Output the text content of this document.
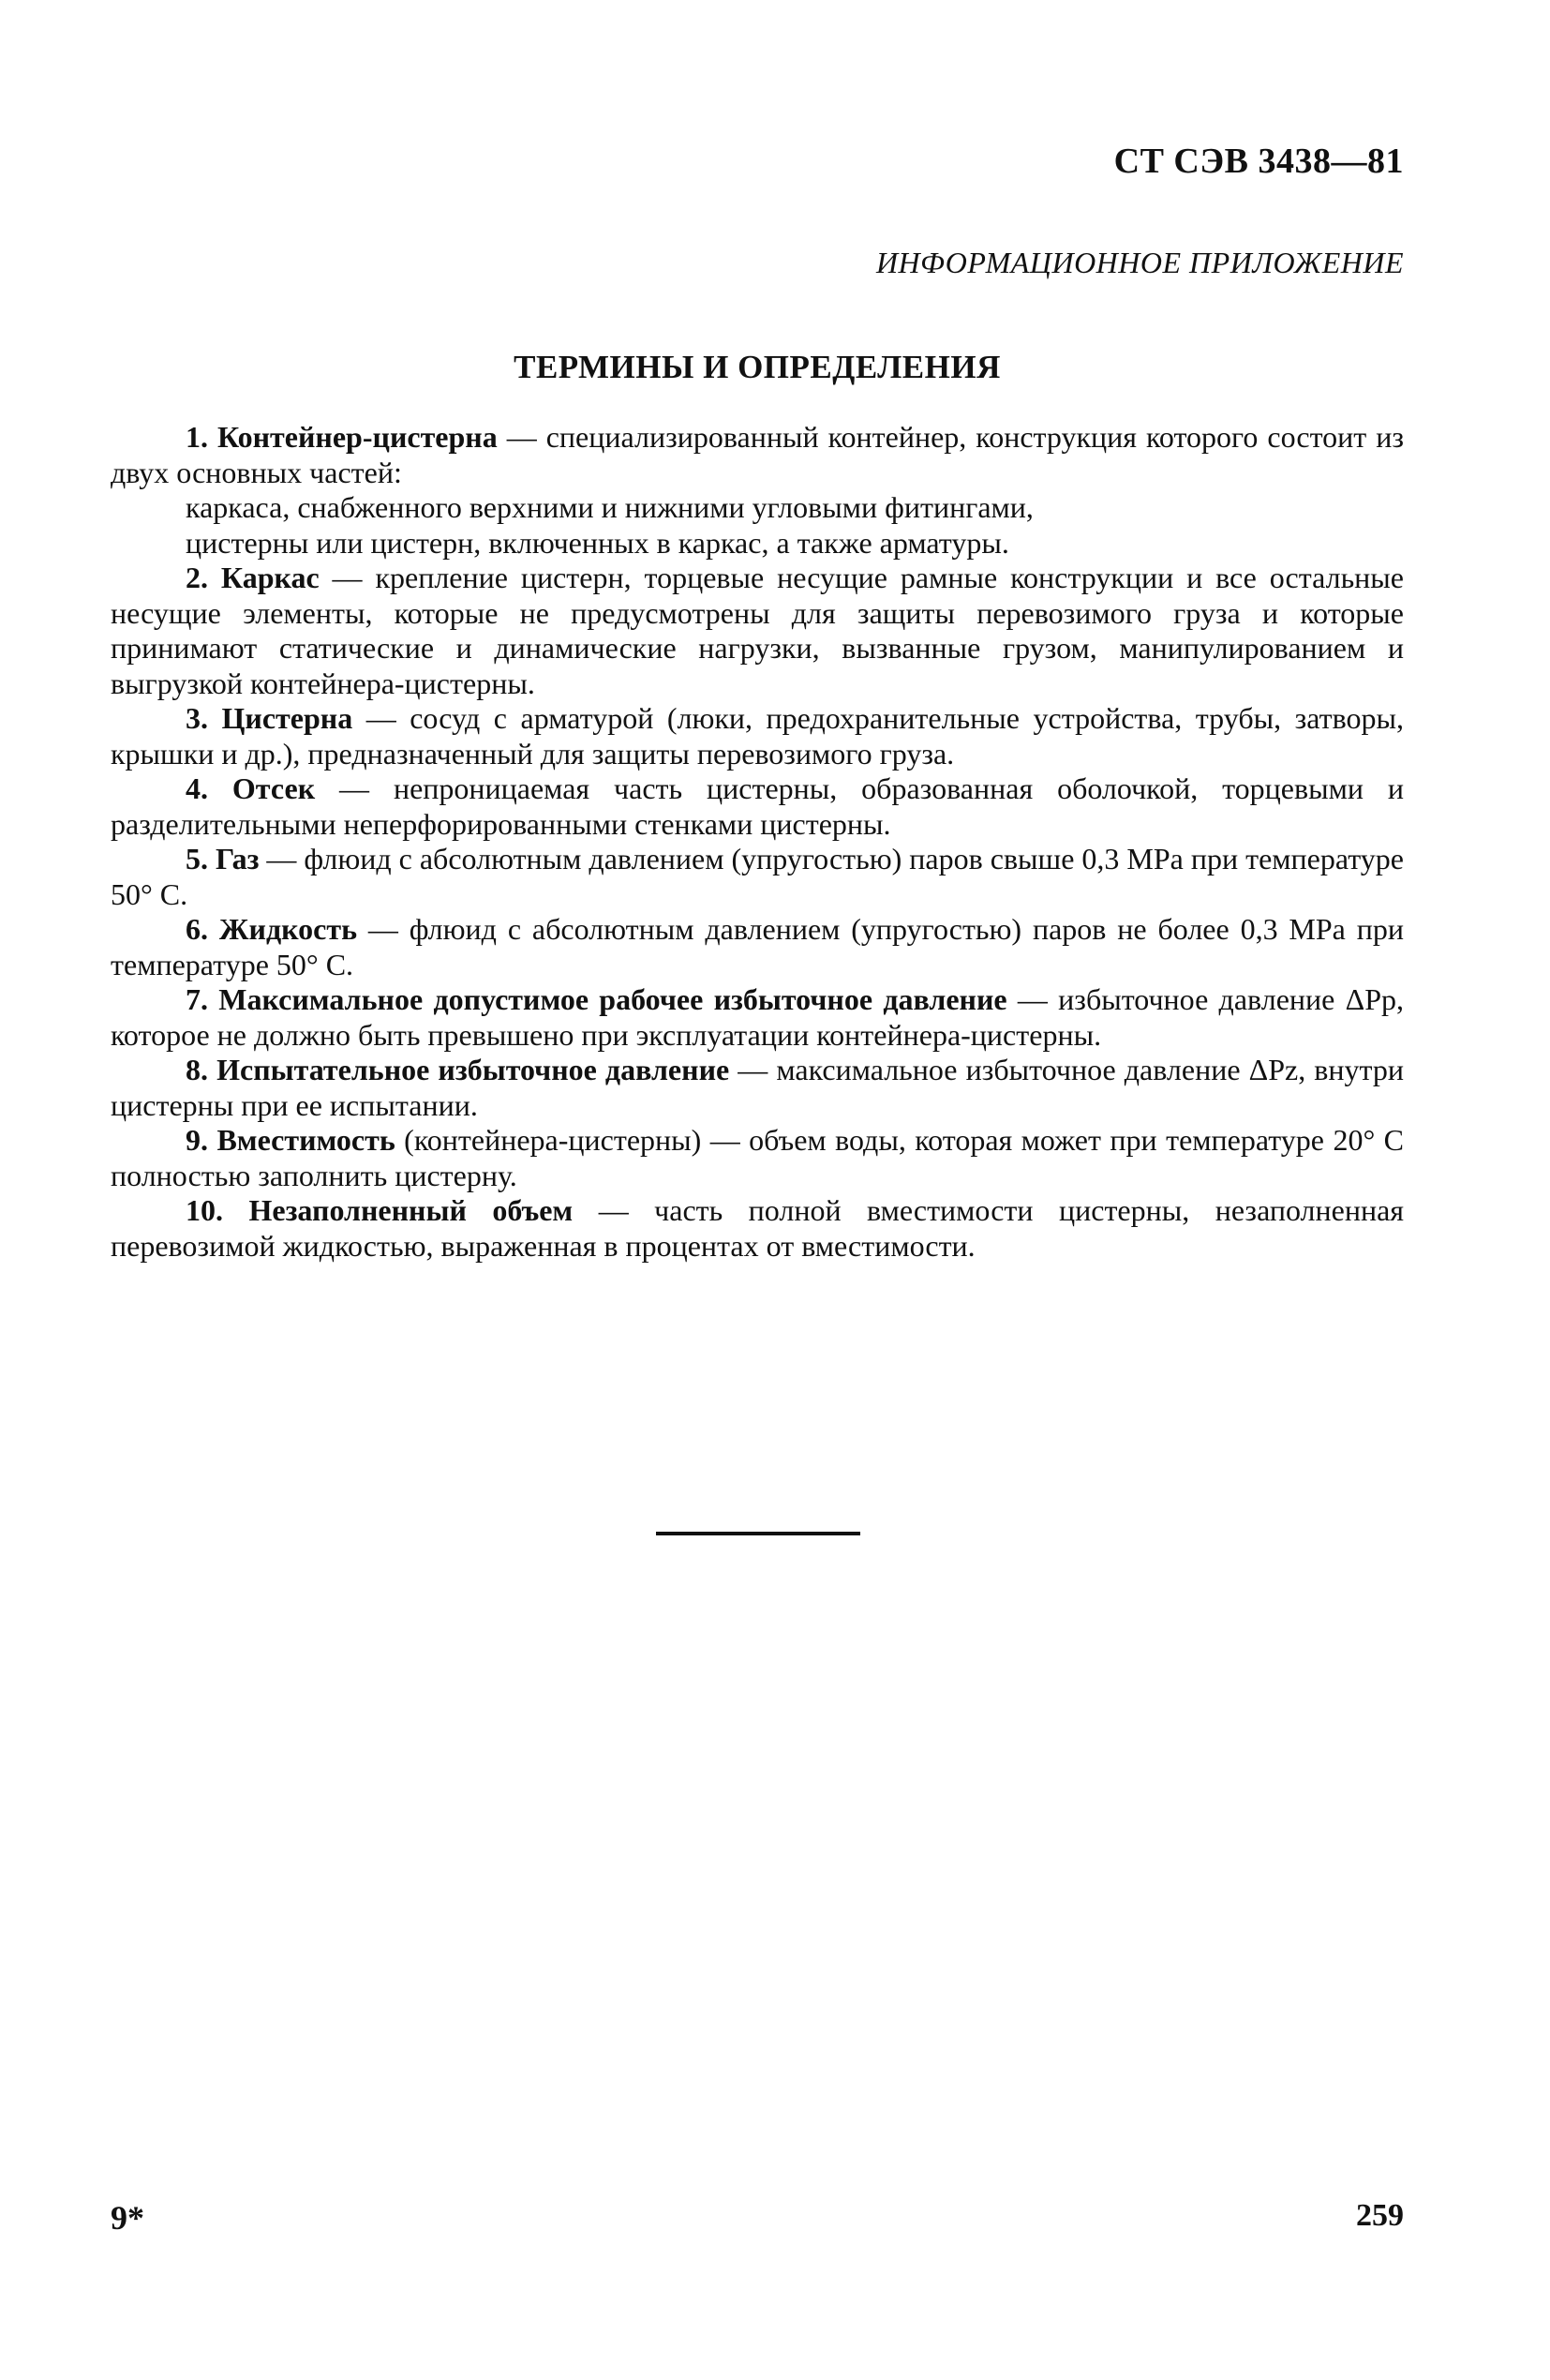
СТ СЭВ 3438—81
ИНФОРМАЦИОННОЕ ПРИЛОЖЕНИЕ
ТЕРМИНЫ И ОПРЕДЕЛЕНИЯ

1. Контейнер-цистерна — специализированный контейнер, конструкция которого состоит из двух основных частей:

каркаса, снабженного верхними и нижними угловыми фитингами,

цистерны или цистерн, включенных в каркас, а также арматуры.

2. Каркас — крепление цистерн, торцевые несущие рамные конструкции и все остальные несущие элементы, которые не предусмотрены для защиты перевозимого груза и которые принимают статические и динамические нагрузки, вызванные грузом, манипулированием и выгрузкой контейнера-цистерны.

3. Цистерна — сосуд с арматурой (люки, предохранительные устройства, трубы, затворы, крышки и др.), предназначенный для защиты перевозимого груза.

4. Отсек — непроницаемая часть цистерны, образованная оболочкой, торцевыми и разделительными неперфорированными стенками цистерны.

5. Газ — флюид с абсолютным давлением (упругостью) паров свыше 0,3 MPa при температуре 50° С.

6. Жидкость — флюид с абсолютным давлением (упругостью) паров не более 0,3 MPa при температуре 50° С.

7. Максимальное допустимое рабочее избыточное давление — избыточное давление ΔPp, которое не должно быть превышено при эксплуатации контейнера-цистерны.

8. Испытательное избыточное давление — максимальное избыточное давление ΔPz, внутри цистерны при ее испытании.

9. Вместимость (контейнера-цистерны) — объем воды, которая может при температуре 20° С полностью заполнить цистерну.

10. Незаполненный объем — часть полной вместимости цистерны, незаполненная перевозимой жидкостью, выраженная в процентах от вместимости.

9*	259
